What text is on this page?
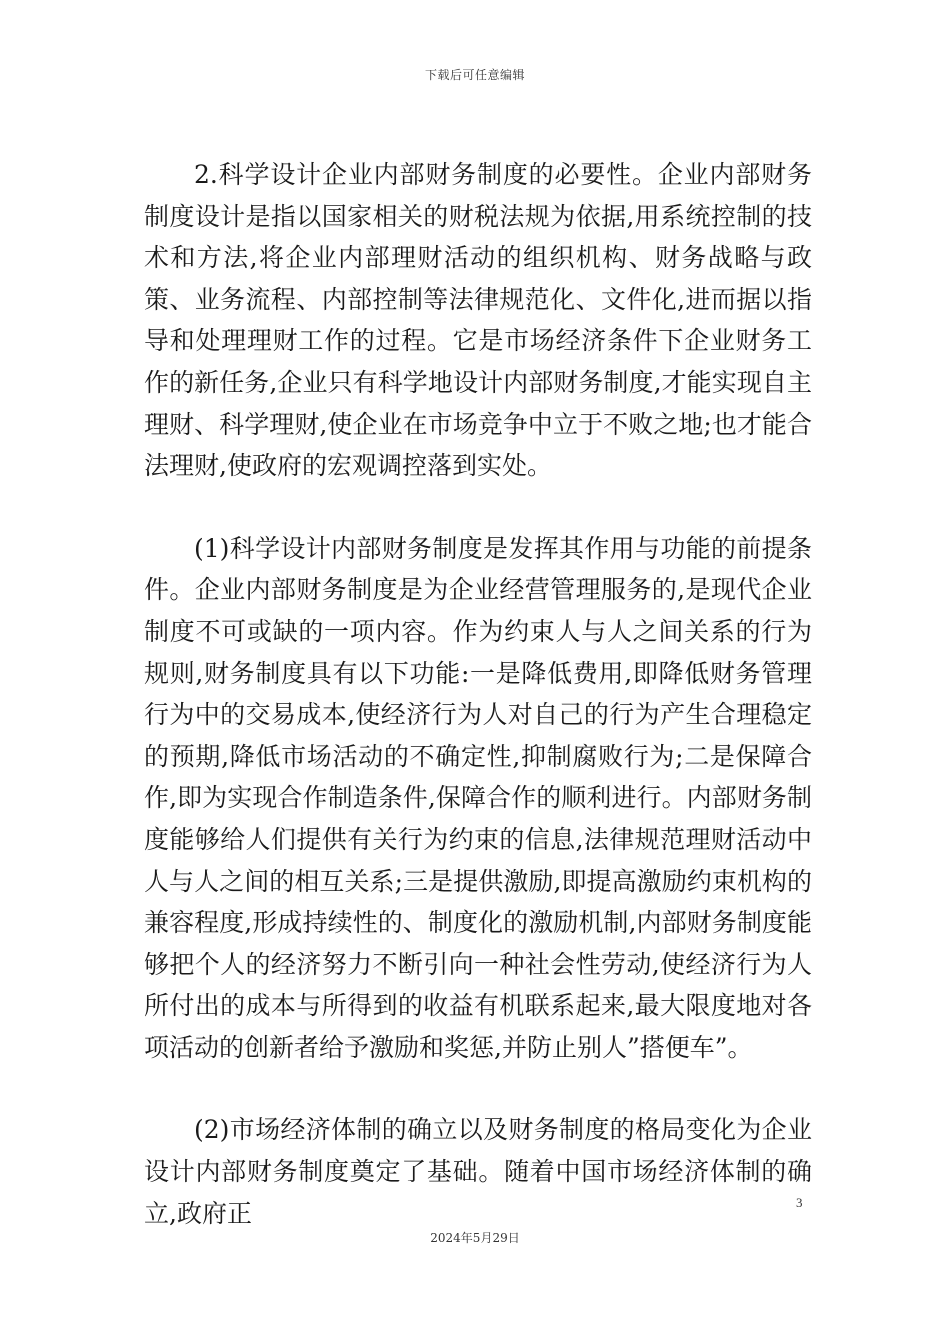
下载后可任意编辑

2.科学设计企业内部财务制度的必要性。企业内部财务制度设计是指以国家相关的财税法规为依据,用系统控制的技术和方法,将企业内部理财活动的组织机构、财务战略与政策、业务流程、内部控制等法律规范化、文件化,进而据以指导和处理理财工作的过程。它是市场经济条件下企业财务工作的新任务,企业只有科学地设计内部财务制度,才能实现自主理财、科学理财,使企业在市场竞争中立于不败之地;也才能合法理财,使政府的宏观调控落到实处。

(1)科学设计内部财务制度是发挥其作用与功能的前提条件。企业内部财务制度是为企业经营管理服务的,是现代企业制度不可或缺的一项内容。作为约束人与人之间关系的行为规则,财务制度具有以下功能:一是降低费用,即降低财务管理行为中的交易成本,使经济行为人对自己的行为产生合理稳定的预期,降低市场活动的不确定性,抑制腐败行为;二是保障合作,即为实现合作制造条件,保障合作的顺利进行。内部财务制度能够给人们提供有关行为约束的信息,法律规范理财活动中人与人之间的相互关系;三是提供激励,即提高激励约束机构的兼容程度,形成持续性的、制度化的激励机制,内部财务制度能够把个人的经济努力不断引向一种社会性劳动,使经济行为人所付出的成本与所得到的收益有机联系起来,最大限度地对各项活动的创新者给予激励和奖惩,并防止别人”搭便车”。

(2)市场经济体制的确立以及财务制度的格局变化为企业设计内部财务制度奠定了基础。随着中国市场经济体制的确立,政府正	3
2024年5月29日
